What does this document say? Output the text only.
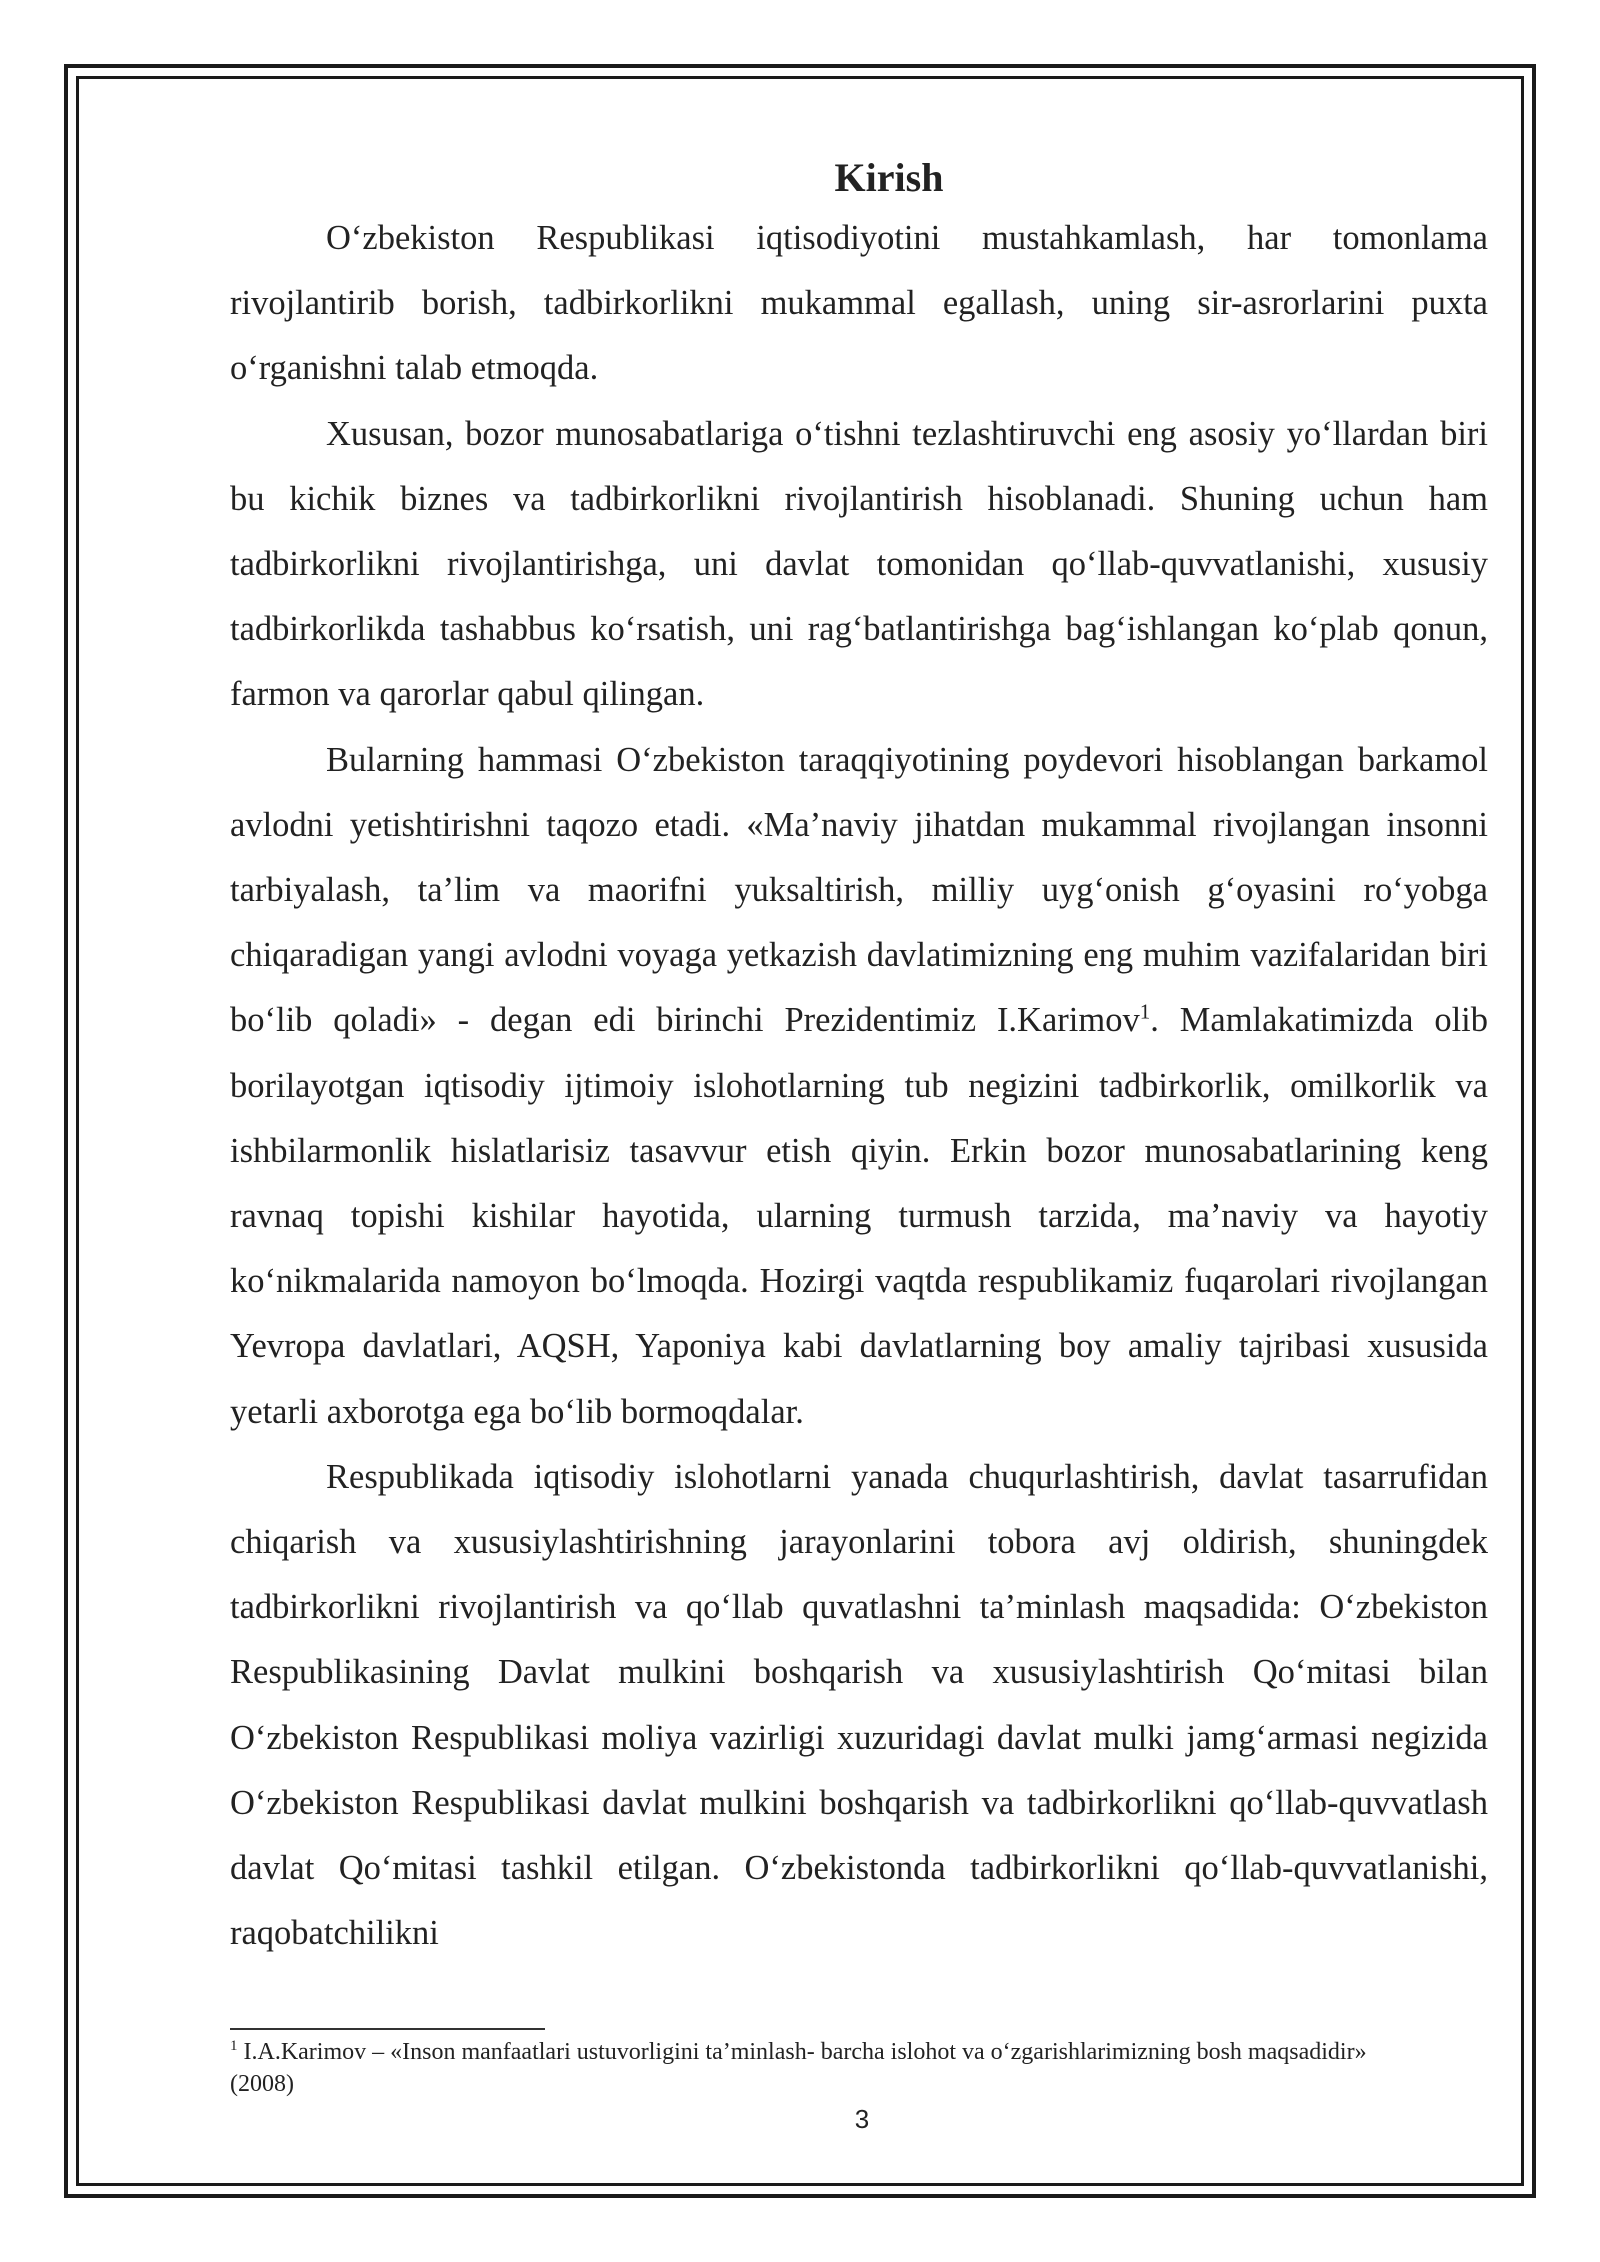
Kirish

O‘zbekiston Respublikasi iqtisodiyotini mustahkamlash, har tomonlama rivojlantirib borish, tadbirkorlikni mukammal egallash, uning sir-asrorlarini puxta o‘rganishni talab etmoqda.

Xususan, bozor munosabatlariga o‘tishni tezlashtiruvchi eng asosiy yo‘llardan biri bu kichik biznes va tadbirkorlikni rivojlantirish hisoblanadi. Shuning uchun ham tadbirkorlikni rivojlantirishga, uni davlat tomonidan qo‘llab-quvvatlanishi, xususiy tadbirkorlikda tashabbus ko‘rsatish, uni rag‘batlantirishga bag‘ishlangan ko‘plab qonun, farmon va qarorlar qabul qilingan.

Bularning hammasi O‘zbekiston taraqqiyotining poydevori hisoblangan barkamol avlodni yetishtirishni taqozo etadi. «Ma’naviy jihatdan mukammal rivojlangan insonni tarbiyalash, ta’lim va maorifni yuksaltirish, milliy uyg‘onish g‘oyasini ro‘yobga chiqaradigan yangi avlodni voyaga yetkazish davlatimizning eng muhim vazifalaridan biri bo‘lib qoladi» - degan edi birinchi Prezidentimiz I.Karimov$^1$. Mamlakatimizda olib borilayotgan iqtisodiy ijtimoiy islohotlarning tub negizini tadbirkorlik, omilkorlik va ishbilarmonlik hislatlarisiz tasavvur etish qiyin. Erkin bozor munosabatlarining keng ravnaq topishi kishilar hayotida, ularning turmush tarzida, ma’naviy va hayotiy ko‘nikmalarida namoyon bo‘lmoqda. Hozirgi vaqtda respublikamiz fuqarolari rivojlangan Yevropa davlatlari, AQSH, Yaponiya kabi davlatlarning boy amaliy tajribasi xususida yetarli axborotga ega bo‘lib bormoqdalar.

Respublikada iqtisodiy islohotlarni yanada chuqurlashtirish, davlat tasarrufidan chiqarish va xususiylashtirishning jarayonlarini tobora avj oldirish, shuningdek tadbirkorlikni rivojlantirish va qo‘llab quvatlashni ta’minlash maqsadida: O‘zbekiston Respublikasining Davlat mulkini boshqarish va xususiylashtirish Qo‘mitasi bilan O‘zbekiston Respublikasi moliya vazirligi xuzuridagi davlat mulki jamg‘armasi negizida O‘zbekiston Respublikasi davlat mulkini boshqarish va tadbirkorlikni qo‘llab-quvvatlash davlat Qo‘mitasi tashkil etilgan. O‘zbekistonda tadbirkorlikni qo‘llab-quvvatlanishi, raqobatchilikni

$^1$ I.A.Karimov – «Inson manfaatlari ustuvorligini ta’minlash- barcha islohot va o‘zgarishlarimizning bosh maqsadidir» (2008)
3
